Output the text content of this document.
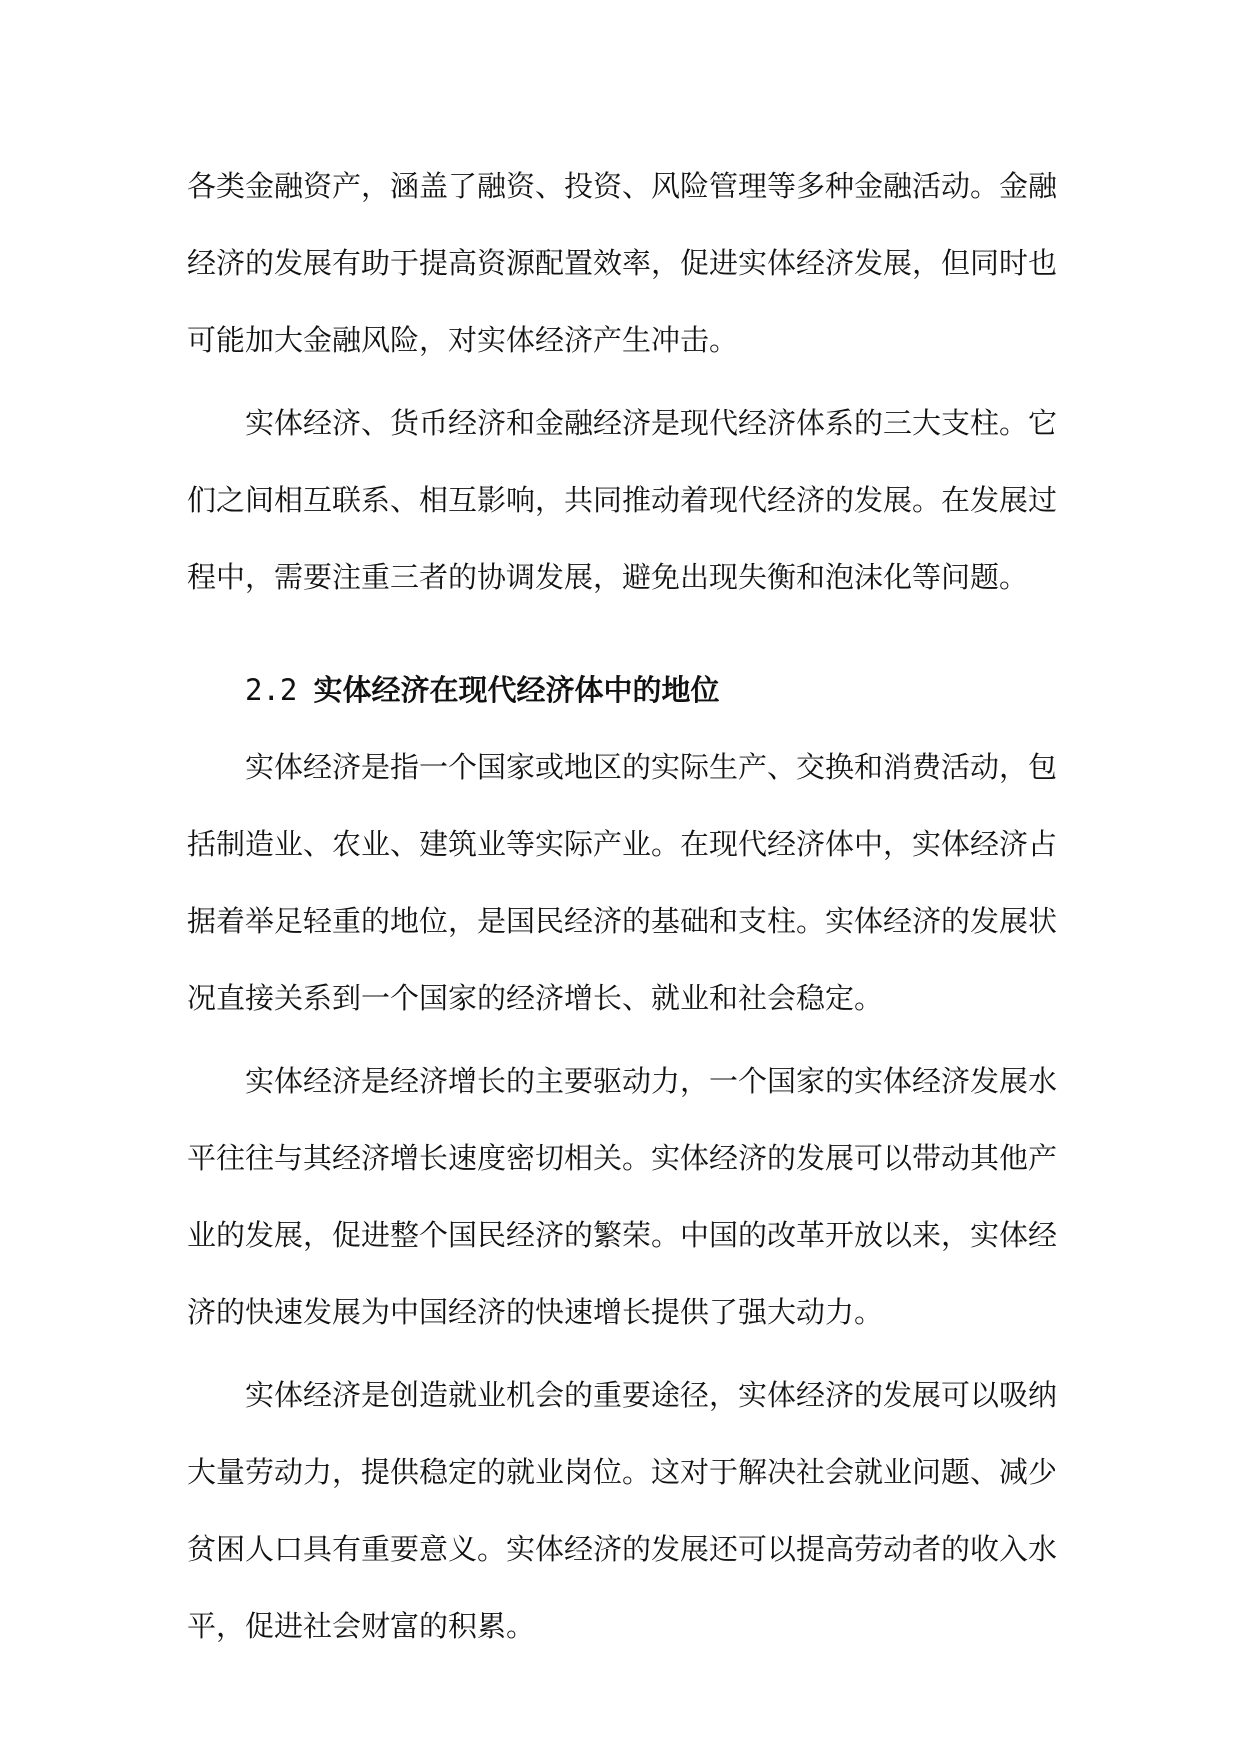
各类金融资产，涵盖了融资、投资、风险管理等多种金融活动。金融经济的发展有助于提高资源配置效率，促进实体经济发展，但同时也可能加大金融风险，对实体经济产生冲击。

实体经济、货币经济和金融经济是现代经济体系的三大支柱。它们之间相互联系、相互影响，共同推动着现代经济的发展。在发展过程中，需要注重三者的协调发展，避免出现失衡和泡沫化等问题。

2.2 实体经济在现代经济体中的地位

实体经济是指一个国家或地区的实际生产、交换和消费活动，包括制造业、农业、建筑业等实际产业。在现代经济体中，实体经济占据着举足轻重的地位，是国民经济的基础和支柱。实体经济的发展状况直接关系到一个国家的经济增长、就业和社会稳定。

实体经济是经济增长的主要驱动力，一个国家的实体经济发展水平往往与其经济增长速度密切相关。实体经济的发展可以带动其他产业的发展，促进整个国民经济的繁荣。中国的改革开放以来，实体经济的快速发展为中国经济的快速增长提供了强大动力。

实体经济是创造就业机会的重要途径，实体经济的发展可以吸纳大量劳动力，提供稳定的就业岗位。这对于解决社会就业问题、减少贫困人口具有重要意义。实体经济的发展还可以提高劳动者的收入水平，促进社会财富的积累。
